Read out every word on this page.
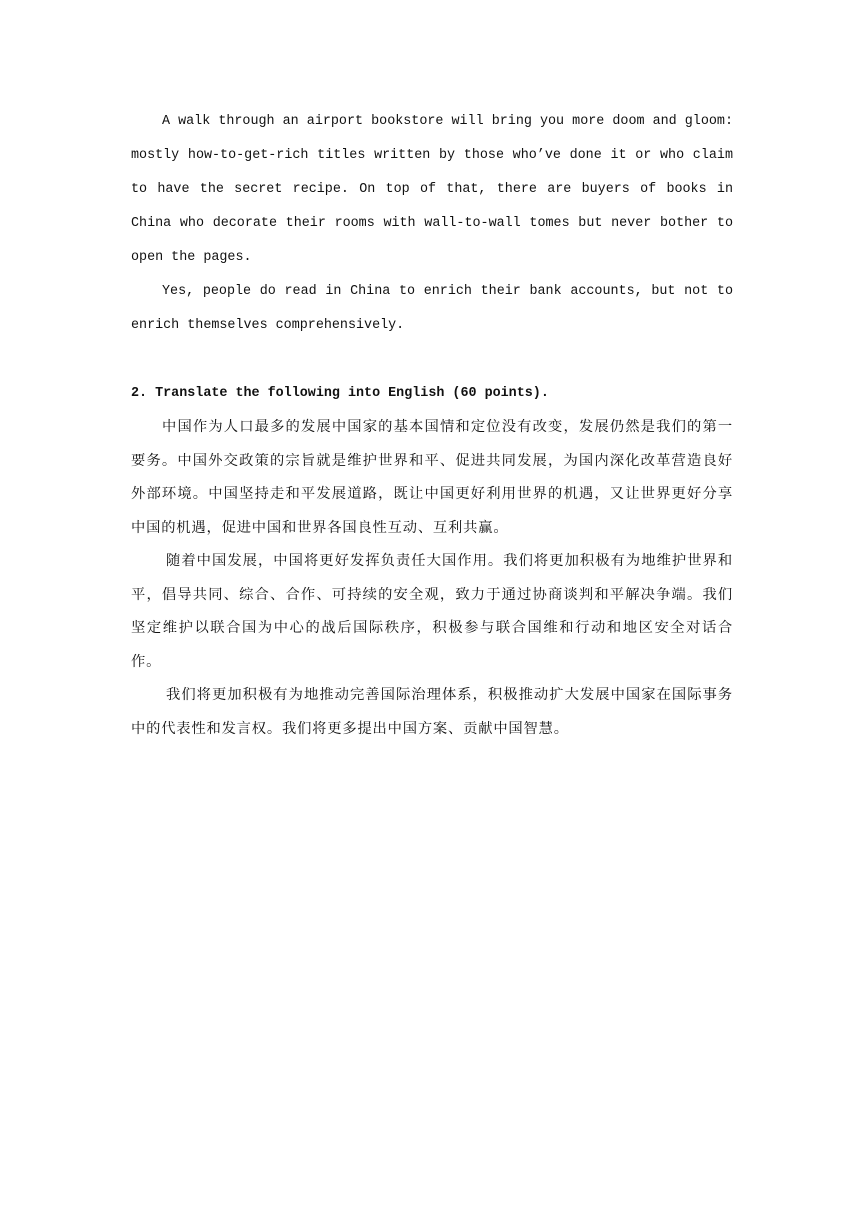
A walk through an airport bookstore will bring you more doom and gloom: mostly how-to-get-rich titles written by those who’ve done it or who claim to have the secret recipe. On top of that, there are buyers of books in China who decorate their rooms with wall-to-wall tomes but never bother to open the pages.

Yes, people do read in China to enrich their bank accounts, but not to enrich themselves comprehensively.

2. Translate the following into English (60 points).

中国作为人口最多的发展中国家的基本国情和定位没有改变，发展仍然是我们的第一要务。中国外交政策的宗旨就是维护世界和平、促进共同发展，为国内深化改革营造良好外部环境。中国坚持走和平发展道路，既让中国更好利用世界的机遇，又让世界更好分享中国的机遇，促进中国和世界各国良性互动、互利共赢。

随着中国发展，中国将更好发挥负责任大国作用。我们将更加积极有为地维护世界和平，倡导共同、综合、合作、可持续的安全观，致力于通过协商谈判和平解决争端。我们坚定维护以联合国为中心的战后国际秩序，积极参与联合国维和行动和地区安全对话合作。

我们将更加积极有为地推动完善国际治理体系，积极推动扩大发展中国家在国际事务中的代表性和发言权。我们将更多提出中国方案、贡献中国智慧。
